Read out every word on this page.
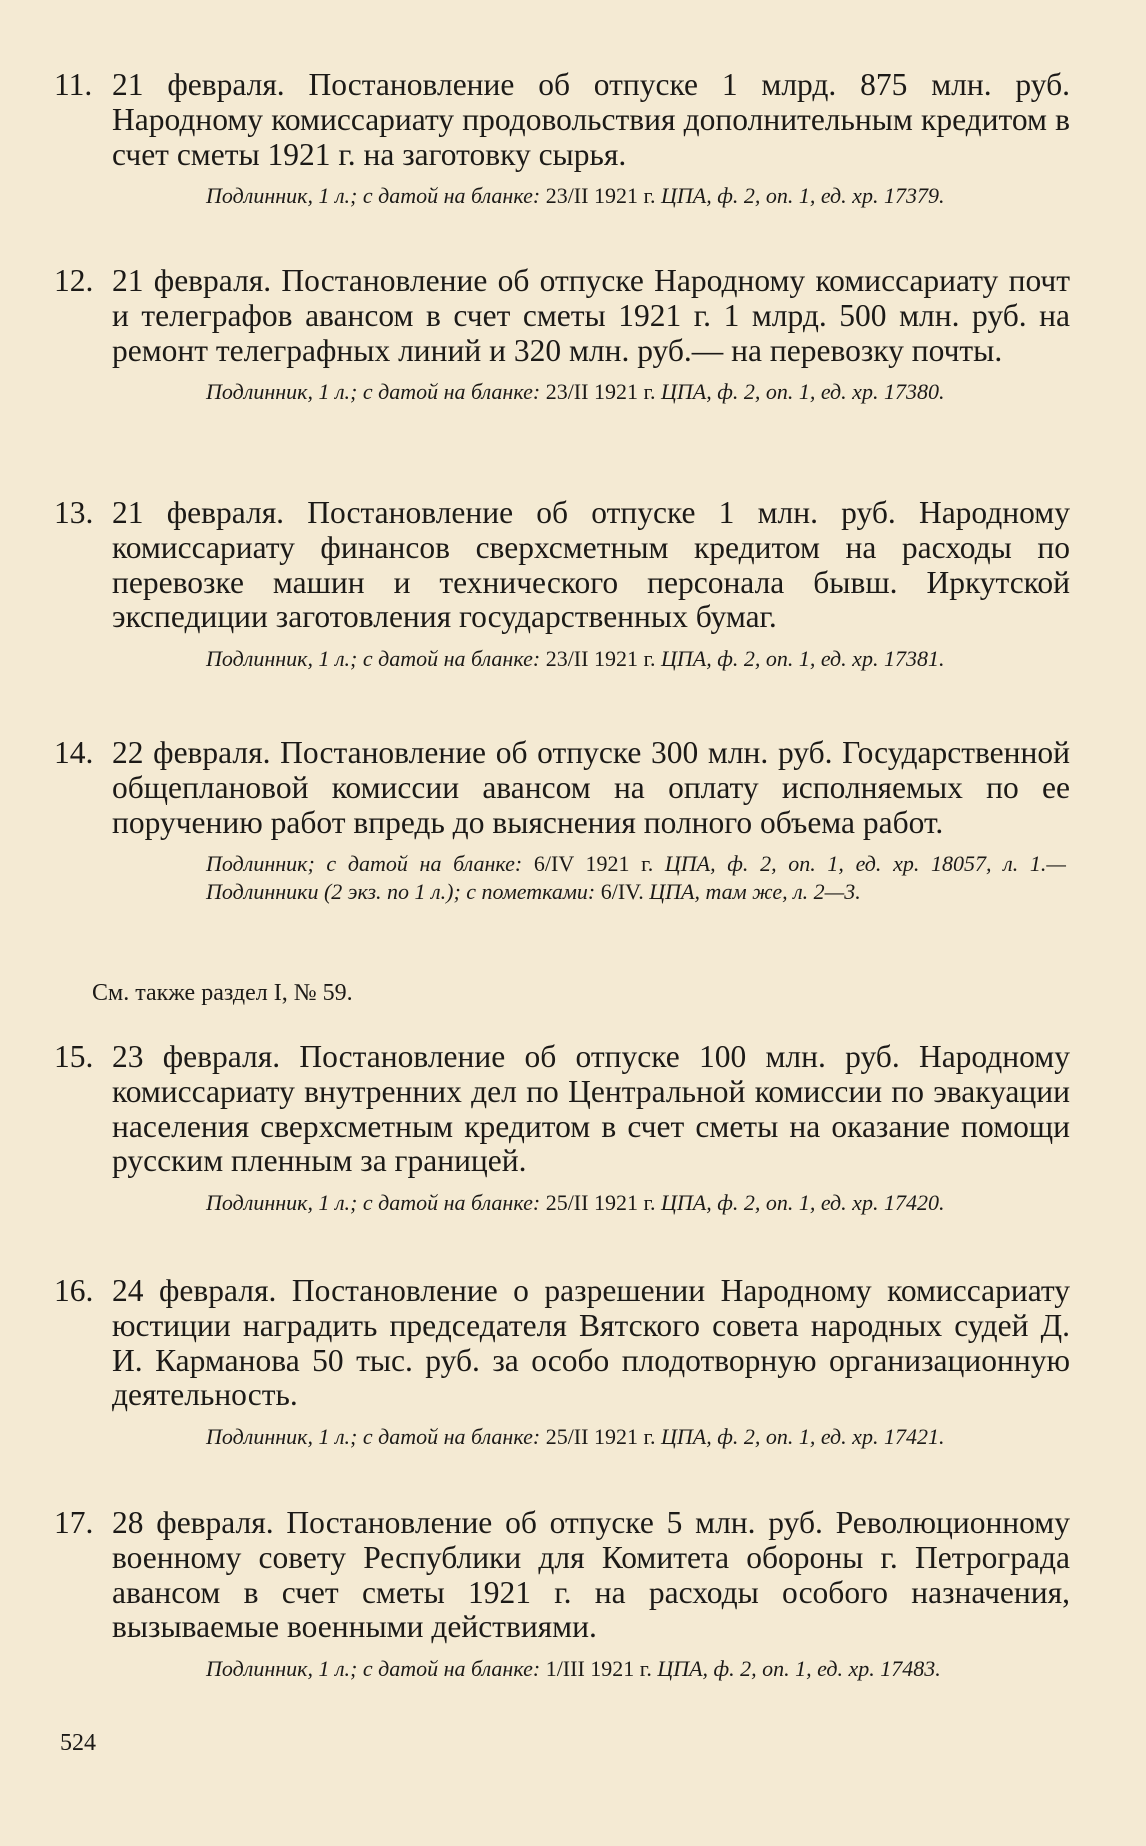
11. 21 февраля. Постановление об отпуске 1 млрд. 875 млн. руб. Народному комиссариату продовольствия дополнительным кредитом в счет сметы 1921 г. на заготовку сырья.
Подлинник, 1 л.; с датой на бланке: 23/II 1921 г. ЦПА, ф. 2, оп. 1, ед. хр. 17379.
12. 21 февраля. Постановление об отпуске Народному комиссариату почт и телеграфов авансом в счет сметы 1921 г. 1 млрд. 500 млн. руб. на ремонт телеграфных линий и 320 млн. руб.— на перевозку почты.
Подлинник, 1 л.; с датой на бланке: 23/II 1921 г. ЦПА, ф. 2, оп. 1, ед. хр. 17380.
13. 21 февраля. Постановление об отпуске 1 млн. руб. Народному комиссариату финансов сверхсметным кредитом на расходы по перевозке машин и технического персонала бывш. Иркутской экспедиции заготовления государственных бумаг.
Подлинник, 1 л.; с датой на бланке: 23/II 1921 г. ЦПА, ф. 2, оп. 1, ед. хр. 17381.
14. 22 февраля. Постановление об отпуске 300 млн. руб. Государственной общеплановой комиссии авансом на оплату исполняемых по ее поручению работ впредь до выяснения полного объема работ.
Подлинник; с датой на бланке: 6/IV 1921 г. ЦПА, ф. 2, оп. 1, ед. хр. 18057, л. 1.— Подлинники (2 экз. по 1 л.); с пометками: 6/IV. ЦПА, там же, л. 2—3.
См. также раздел I, № 59.
15. 23 февраля. Постановление об отпуске 100 млн. руб. Народному комиссариату внутренних дел по Центральной комиссии по эвакуации населения сверхсметным кредитом в счет сметы на оказание помощи русским пленным за границей.
Подлинник, 1 л.; с датой на бланке: 25/II 1921 г. ЦПА, ф. 2, оп. 1, ед. хр. 17420.
16. 24 февраля. Постановление о разрешении Народному комиссариату юстиции наградить председателя Вятского совета народных судей Д. И. Карманова 50 тыс. руб. за особо плодотворную организационную деятельность.
Подлинник, 1 л.; с датой на бланке: 25/II 1921 г. ЦПА, ф. 2, оп. 1, ед. хр. 17421.
17. 28 февраля. Постановление об отпуске 5 млн. руб. Революционному военному совету Республики для Комитета обороны г. Петрограда авансом в счет сметы 1921 г. на расходы особого назначения, вызываемые военными действиями.
Подлинник, 1 л.; с датой на бланке: 1/III 1921 г. ЦПА, ф. 2, оп. 1, ед. хр. 17483.
524
